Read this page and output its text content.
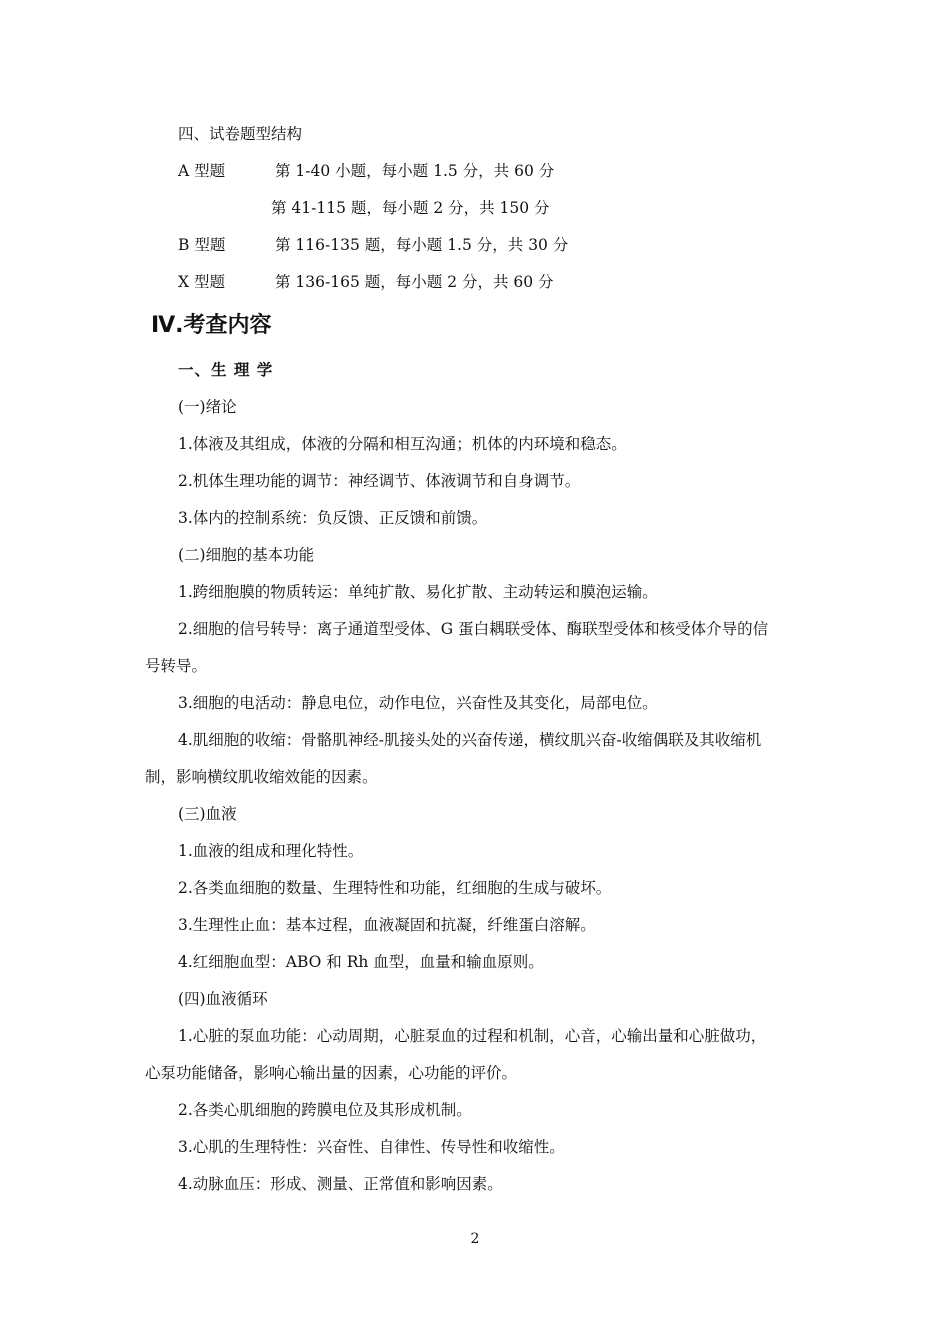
四、试卷题型结构
A 型题	第 1-40 小题，每小题 1.5 分，共 60 分
第 41-115 题，每小题 2 分，共 150 分
B 型题	第 116-135 题，每小题 1.5 分，共 30 分
X 型题	第 136-165 题，每小题 2 分，共 60 分
Ⅳ.考查内容
一、生 理 学
(一)绪论
1.体液及其组成，体液的分隔和相互沟通；机体的内环境和稳态。
2.机体生理功能的调节：神经调节、体液调节和自身调节。
3.体内的控制系统：负反馈、正反馈和前馈。
(二)细胞的基本功能
1.跨细胞膜的物质转运：单纯扩散、易化扩散、主动转运和膜泡运输。
2.细胞的信号转导：离子通道型受体、G 蛋白耦联受体、酶联型受体和核受体介导的信
号转导。
3.细胞的电活动：静息电位，动作电位，兴奋性及其变化，局部电位。
4.肌细胞的收缩：骨骼肌神经-肌接头处的兴奋传递，横纹肌兴奋-收缩偶联及其收缩机
制，影响横纹肌收缩效能的因素。
(三)血液
1.血液的组成和理化特性。
2.各类血细胞的数量、生理特性和功能，红细胞的生成与破坏。
3.生理性止血：基本过程，血液凝固和抗凝，纤维蛋白溶解。
4.红细胞血型：ABO 和 Rh 血型，血量和输血原则。
(四)血液循环
1.心脏的泵血功能：心动周期，心脏泵血的过程和机制，心音，心输出量和心脏做功，
心泵功能储备，影响心输出量的因素，心功能的评价。
2.各类心肌细胞的跨膜电位及其形成机制。
3.心肌的生理特性：兴奋性、自律性、传导性和收缩性。
4.动脉血压：形成、测量、正常值和影响因素。
2
